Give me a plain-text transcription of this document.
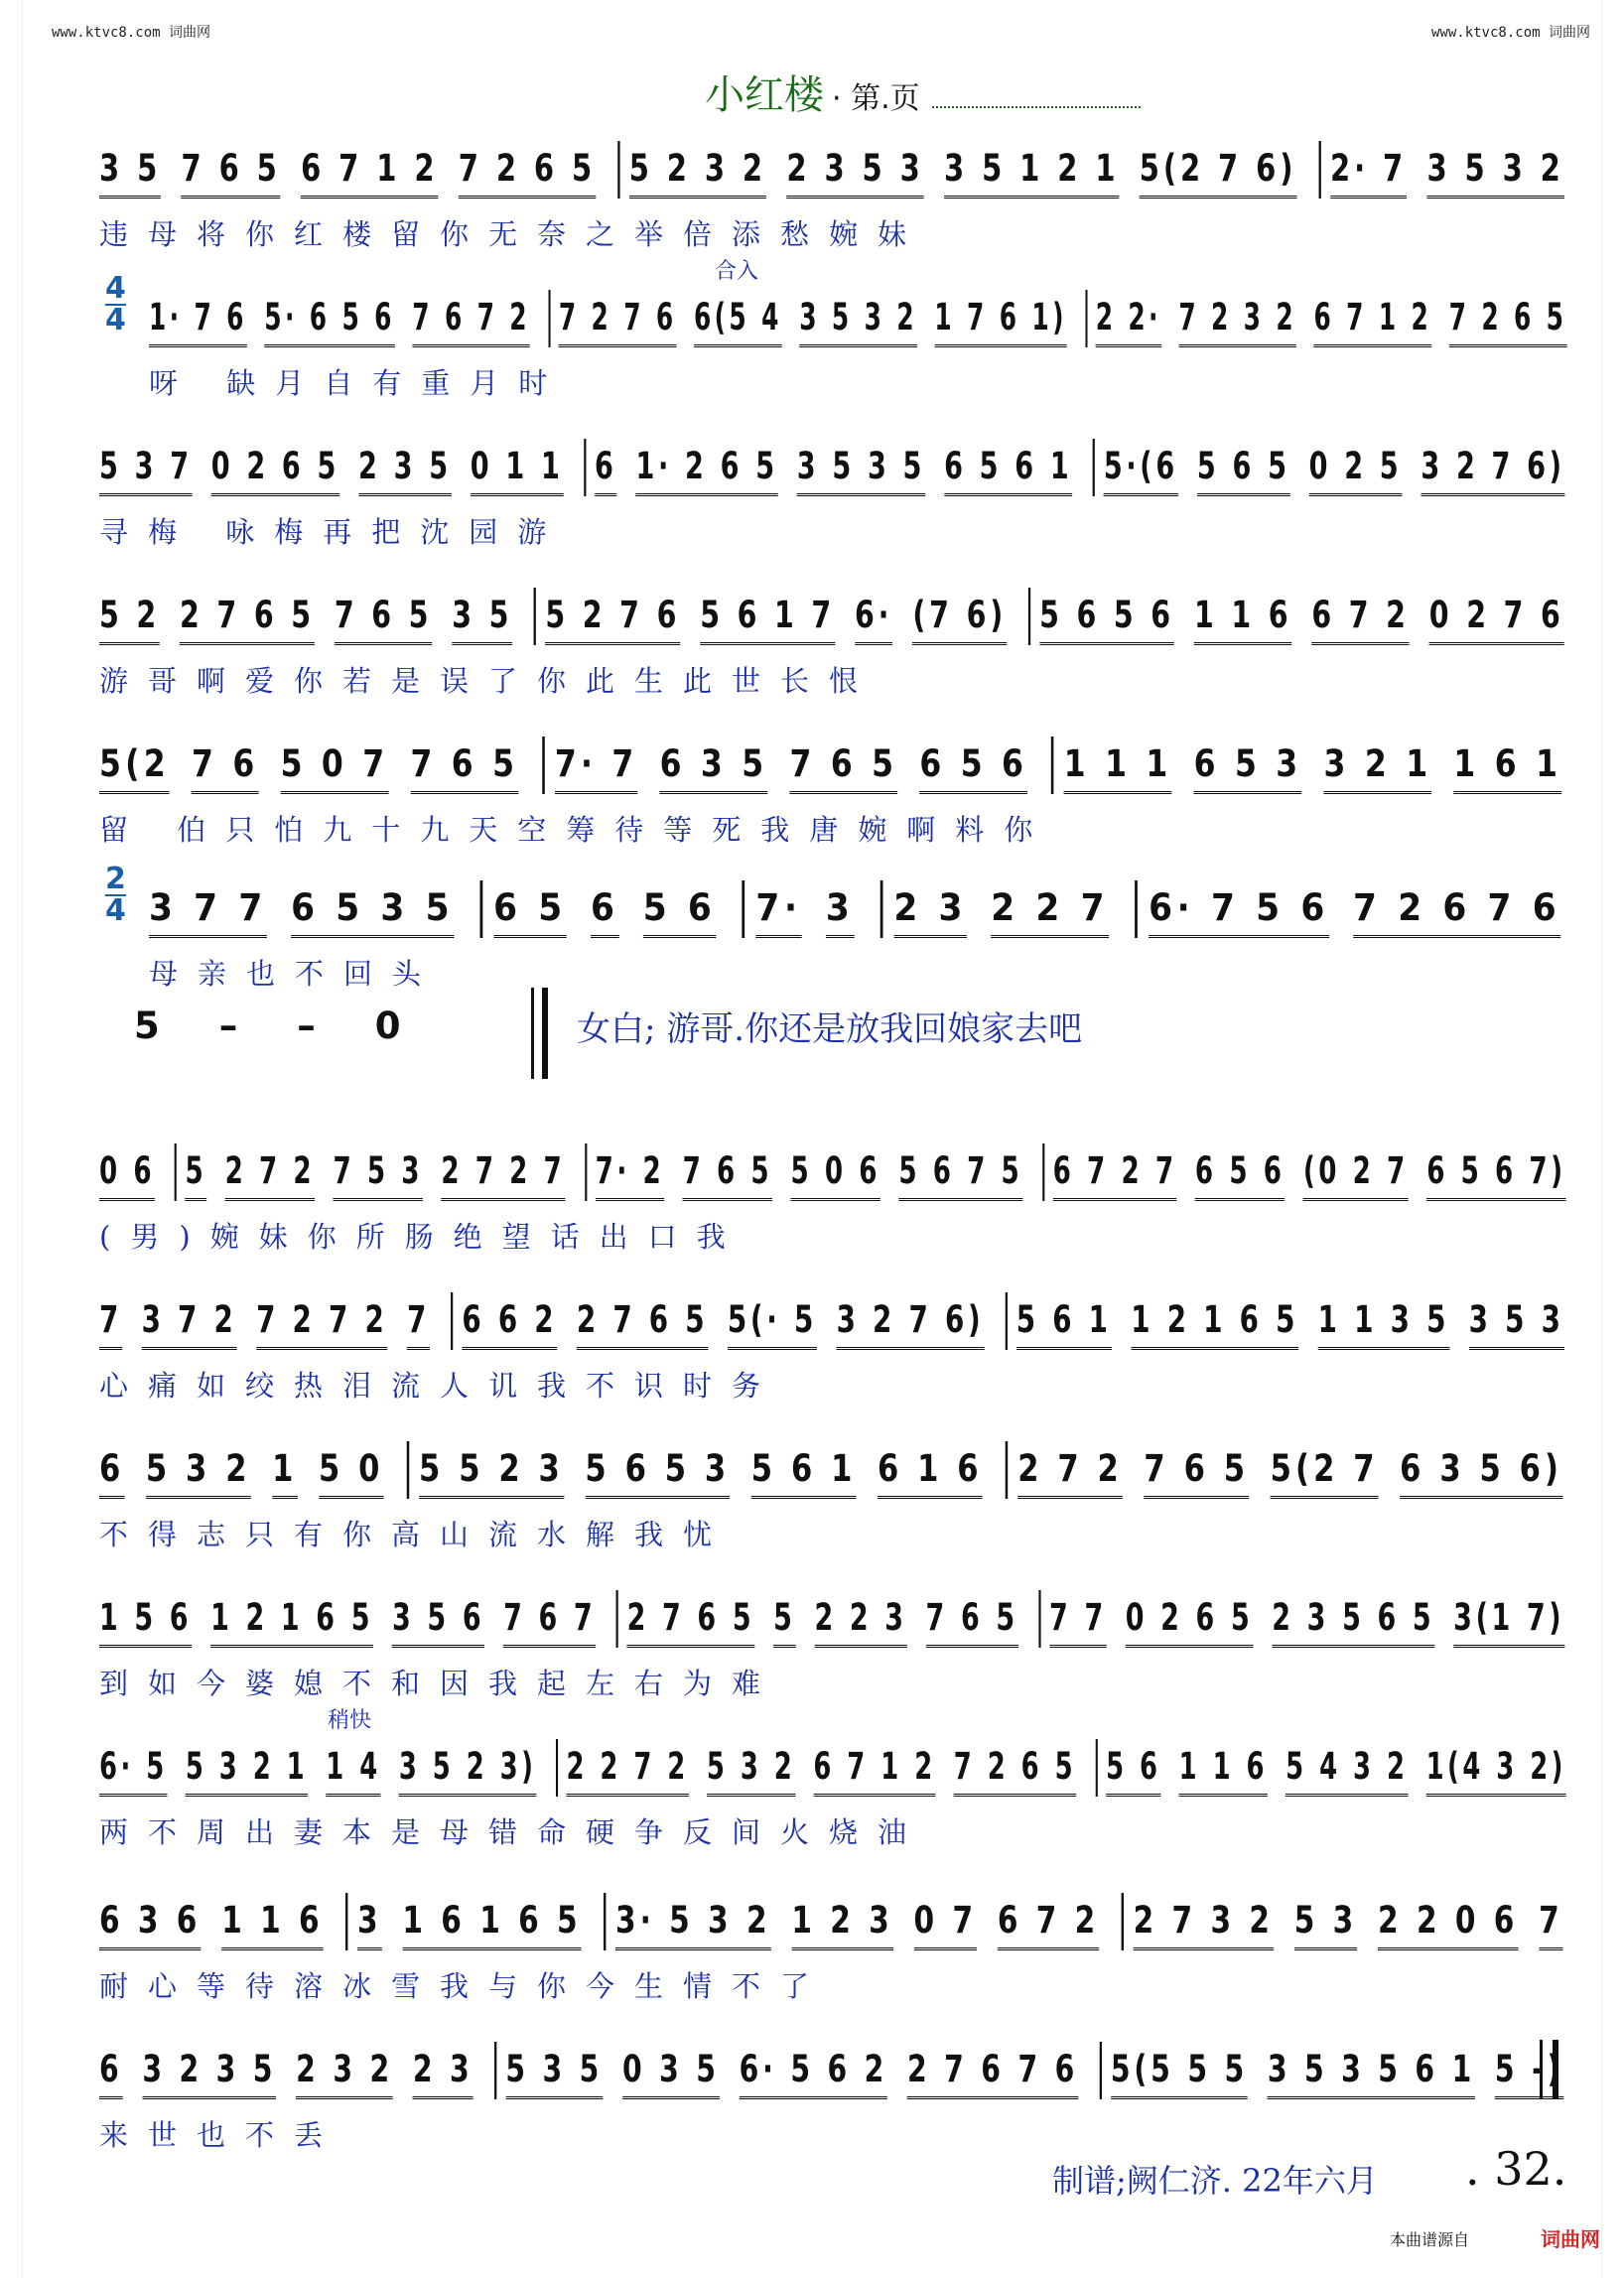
www.ktvc8.com 词曲网	www.ktvc8.com 词曲网
小红楼 · 第.页
3 5 7 6 5 6 7 1 2 7 2 6 5 5 2 3 2 2 3 5 3 3 5 1 2 1 5(2 7 6) 2· 7 3 5 3 2
违母将你红楼留你无奈之举倍添愁婉妹
4
4 1· 7 6 5· 6 5 6 7 6 7 2 7 2 7 6 6(5 4 3 5 3 2 1 7 6 1) 2 2· 7 2 3 2 6 7 1 2 7 2 6 5
呀 缺月自有重月时
合入
5 3 7 0 2 6 5 2 3 5 0 1 1 6 1· 2 6 5 3 5 3 5 6 5 6 1 5·(6 5 6 5 0 2 5 3 2 7 6)
寻梅 咏梅再把沈园游
5 2 2 7 6 5 7 6 5 3 5 5 2 7 6 5 6 1 7 6· (7 6) 5 6 5 6 1 1 6 6 7 2 0 2 7 6
游哥啊爱你若是误了你此生此世长恨
5(2 7 6 5 0 7 7 6 5 7· 7 6 3 5 7 6 5 6 5 6 1 1 1 6 5 3 3 2 1 1 6 1
留 伯只怕九十九天空筹待等死我唐婉啊料你
2
4 3 7 7 6 5 3 5 6 5 6 5 6 7· 3 2 3 2 2 7 6· 7 5 6 7 2 6 7 6
母亲也不回头
0 6 5 2 7 2 7 5 3 2 7 2 7 7· 2 7 6 5 5 0 6 5 6 7 5 6 7 2 7 6 5 6 (0 2 7 6 5 6 7)
(男)婉妹你所肠绝望话出口我
7 3 7 2 7 2 7 2 7 6 6 2 2 7 6 5 5(· 5 3 2 7 6) 5 6 1 1 2 1 6 5 1 1 3 5 3 5 3
心痛如绞热泪流人讥我不识时务
6 5 3 2 1 5 0 5 5 2 3 5 6 5 3 5 6 1 6 1 6 2 7 2 7 6 5 5(2 7 6 3 5 6)
不得志只有你高山流水解我忧
1 5 6 1 2 1 6 5 3 5 6 7 6 7 2 7 6 5 5 2 2 3 7 6 5 7 7 0 2 6 5 2 3 5 6 5 3(1 7)
到如今婆媳不和因我起左右为难
6· 5 5 3 2 1 1 4 3 5 2 3) 2 2 7 2 5 3 2 6 7 1 2 7 2 6 5 5 6 1 1 6 5 4 3 2 1(4 3 2)
两不周出妻本是母错命硬争反间火烧油
稍快
6 3 6 1 1 6 3 1 6 1 6 5 3· 5 3 2 1 2 3 0 7 6 7 2 2 7 3 2 5 3 2 2 0 6 7
耐心等待溶冰雪我与你今生情不了
6 3 2 3 5 2 3 2 2 3 5 3 5 0 3 5 6· 5 6 2 2 7 6 7 6 5(5 5 5 3 5 3 5 6 1 5 -)
来世也不丢
5 – – 0	女白; 游哥.你还是放我回娘家去吧
制谱;阙仁济. 22年六月 . 32.
本曲谱源自	词曲网
